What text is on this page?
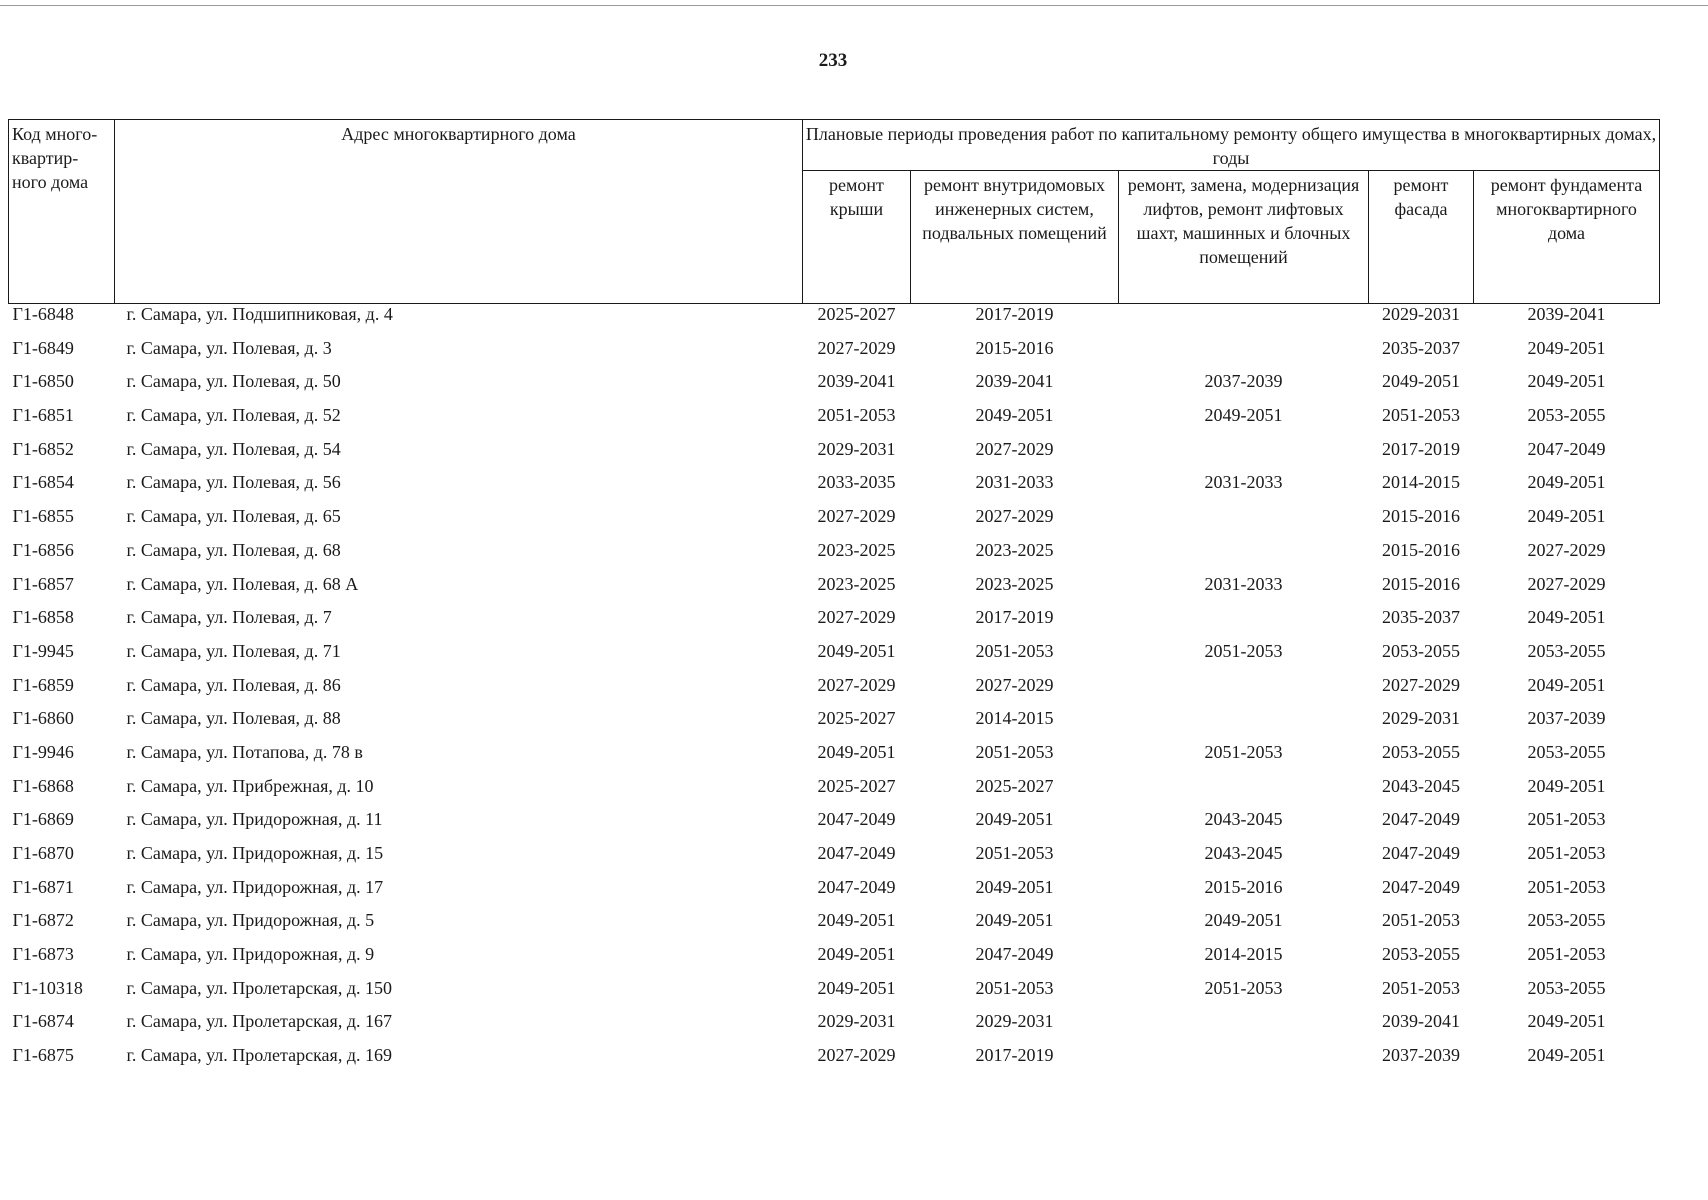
233
Код много-квартир-ного дома	Адрес многоквартирного дома	Плановые периоды проведения работ по капитальному ремонту общего имущества в многоквартирных домах, годы				
		ремонт крыши	ремонт внутридомовых инженерных систем, подвальных помещений	ремонт, замена, модернизация лифтов, ремонт лифтовых шахт, машинных и блочных помещений	ремонт фасада	ремонт фундамента многоквартирного дома
Г1-6848	г. Самара, ул. Подшипниковая, д. 4	2025-2027	2017-2019		2029-2031	2039-2041
Г1-6849	г. Самара, ул. Полевая, д. 3	2027-2029	2015-2016		2035-2037	2049-2051
Г1-6850	г. Самара, ул. Полевая, д. 50	2039-2041	2039-2041	2037-2039	2049-2051	2049-2051
Г1-6851	г. Самара, ул. Полевая, д. 52	2051-2053	2049-2051	2049-2051	2051-2053	2053-2055
Г1-6852	г. Самара, ул. Полевая, д. 54	2029-2031	2027-2029		2017-2019	2047-2049
Г1-6854	г. Самара, ул. Полевая, д. 56	2033-2035	2031-2033	2031-2033	2014-2015	2049-2051
Г1-6855	г. Самара, ул. Полевая, д. 65	2027-2029	2027-2029		2015-2016	2049-2051
Г1-6856	г. Самара, ул. Полевая, д. 68	2023-2025	2023-2025		2015-2016	2027-2029
Г1-6857	г. Самара, ул. Полевая, д. 68 А	2023-2025	2023-2025	2031-2033	2015-2016	2027-2029
Г1-6858	г. Самара, ул. Полевая, д. 7	2027-2029	2017-2019		2035-2037	2049-2051
Г1-9945	г. Самара, ул. Полевая, д. 71	2049-2051	2051-2053	2051-2053	2053-2055	2053-2055
Г1-6859	г. Самара, ул. Полевая, д. 86	2027-2029	2027-2029		2027-2029	2049-2051
Г1-6860	г. Самара, ул. Полевая, д. 88	2025-2027	2014-2015		2029-2031	2037-2039
Г1-9946	г. Самара, ул. Потапова, д. 78 в	2049-2051	2051-2053	2051-2053	2053-2055	2053-2055
Г1-6868	г. Самара, ул. Прибрежная, д. 10	2025-2027	2025-2027		2043-2045	2049-2051
Г1-6869	г. Самара, ул. Придорожная, д. 11	2047-2049	2049-2051	2043-2045	2047-2049	2051-2053
Г1-6870	г. Самара, ул. Придорожная, д. 15	2047-2049	2051-2053	2043-2045	2047-2049	2051-2053
Г1-6871	г. Самара, ул. Придорожная, д. 17	2047-2049	2049-2051	2015-2016	2047-2049	2051-2053
Г1-6872	г. Самара, ул. Придорожная, д. 5	2049-2051	2049-2051	2049-2051	2051-2053	2053-2055
Г1-6873	г. Самара, ул. Придорожная, д. 9	2049-2051	2047-2049	2014-2015	2053-2055	2051-2053
Г1-10318	г. Самара, ул. Пролетарская, д. 150	2049-2051	2051-2053	2051-2053	2051-2053	2053-2055
Г1-6874	г. Самара, ул. Пролетарская, д. 167	2029-2031	2029-2031		2039-2041	2049-2051
Г1-6875	г. Самара, ул. Пролетарская, д. 169	2027-2029	2017-2019		2037-2039	2049-2051
